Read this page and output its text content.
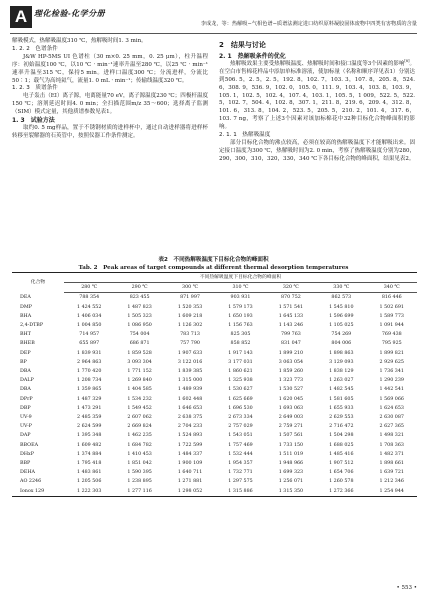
A 理化检验-化学分册
李成龙，等：热解吸−气相色谱−质谱法测定进口纺织原料凝胶固体废物中四类有害物质的含量

解吸模式，热解吸温度310 ℃，热解吸时间1. 3 min。

1. 2. 2　色谱条件

J&W HP-5MS UI 色谱柱（30 m×0. 25 mm，0. 25 μm），柱升温程序：初始温度100 ℃，以10 ℃ · min⁻¹速率升温至280 ℃，以25 ℃ · min⁻¹速率升温至315 ℃，保持5 min。进样口温度300 ℃；分流进样，分流比50∶1；载气为高纯氦气，流量1. 0 mL · min⁻¹；传输线温度320 ℃。

1. 2. 3　质谱条件

电子轰击（EI）离子源，电离能量70 eV，离子源温度230 ℃；四极杆温度150 ℃；溶剂延迟时间4. 0 min；全扫描范围m/z 35～600；选择离子监测（SIM）模式定量，其他质谱参数见表1。

1. 3　试验方法

取约0. 5 mg样品，置于不锈钢材质的进样杯中，通过自动进样器将进样杯转移至裂解器的石英管中，按照仪器工作条件测定。

2　结果与讨论
2. 1　热解吸条件的优化

热解吸效果主要受热解吸温度、热解吸时间和接口温度等3个因素的影响[8]。在空白市售棉花样品中添加单标准溶液，使加标量（名称和顺序详见表1）分别达到506. 5，2. 5，2. 5，192. 8，102. 7，103. 3，107. 8，205. 8，524. 6，308. 9，536. 9，102. 0，105. 0，111. 9，103. 4，103. 8，103. 9，105. 1，102. 5，102. 4，107. 4，103. 1，105. 5，1 009，522. 5，522. 5，102. 7，504. 4，102. 8，307. 1，211. 8，219. 6，209. 4，312. 8，101. 6，313. 8，104. 2，523. 5，205. 5，210. 2，101. 4，317. 6，103. 7 ng，考察了上述3个因素对该加标棉花中32种目标化合物峰面积的影响。

2. 1. 1　热解吸温度

部分目标化合物的沸点较高，必须在较高的热解吸温度下才能解吸出来。固定接口温度为300 ℃，热解吸时间为2. 0 min，考察了热解吸温度分别为280，290，300，310，320，330，340 ℃下各目标化合物的峰面积，结果见表2。

表2　不同热解吸温度下目标化合物的峰面积
Tab. 2　Peak areas of target compounds at different thermal desorption temperatures
化合物	不同热解吸温度下目标化合物的峰面积						
	280 ℃	290 ℃	300 ℃	310 ℃	320 ℃	330 ℃	340 ℃
DEA	788 354	823 455	871 997	903 931	870 752	862 573	816 446
DMP	1 424 552	1 487 823	1 520 353	1 579 173	1 571 541	1 545 810	1 502 691
BHA	1 406 034	1 505 323	1 609 218	1 650 193	1 645 133	1 596 699	1 589 773
2,4-DTBP	1 004 850	1 086 950	1 126 302	1 156 763	1 143 246	1 105 025	1 091 944
BHT	714 957	754 004	783 713	825 305	799 763	754 269	769 438
BHEB	655 897	686 871	757 790	858 852	831 047	804 006	795 925
DEP	1 839 931	1 859 528	1 907 633	1 917 143	1 899 210	1 898 863	1 899 821
BP	2 964 863	3 093 304	3 122 016	3 177 031	3 063 054	3 129 093	2 929 625
DBA	1 770 420	1 771 152	1 839 385	1 860 621	1 859 260	1 838 129	1 736 341
DALP	1 208 734	1 269 840	1 315 000	1 325 938	1 323 773	1 263 027	1 290 239
DBA	1 359 865	1 404 585	1 489 939	1 530 627	1 530 527	1 482 545	1 442 541
DPrP	1 487 329	1 534 232	1 602 448	1 625 669	1 620 045	1 581 605	1 569 066
DBP	1 473 291	1 549 452	1 646 653	1 696 530	1 693 063	1 655 933	1 624 653
UV-9	2 485 359	2 607 062	2 638 375	2 673 334	2 649 003	2 629 553	2 630 087
UV-P	2 624 599	2 669 824	2 704 233	2 757 029	2 759 271	2 716 472	2 627 365
DAP	1 395 348	1 462 235	1 524 893	1 543 051	1 507 561	1 504 298	1 498 321
BBOEA	1 609 482	1 684 782	1 722 599	1 757 469	1 733 150	1 688 025	1 708 363
DHxP	1 374 884	1 410 453	1 484 337	1 532 444	1 511 019	1 485 416	1 482 371
BBP	1 795 418	1 851 042	1 900 109	1 954 357	1 948 966	1 907 512	1 898 661
DEHA	1 483 861	1 590 395	1 640 711	1 732 771	1 699 323	1 654 706	1 639 721
AO 2246	1 205 506	1 238 895	1 271 881	1 297 575	1 256 071	1 260 578	1 212 346
Ionox 129	1 222 303	1 277 116	1 298 052	1 315 886	1 315 350	1 272 366	1 254 944
• 553 •
